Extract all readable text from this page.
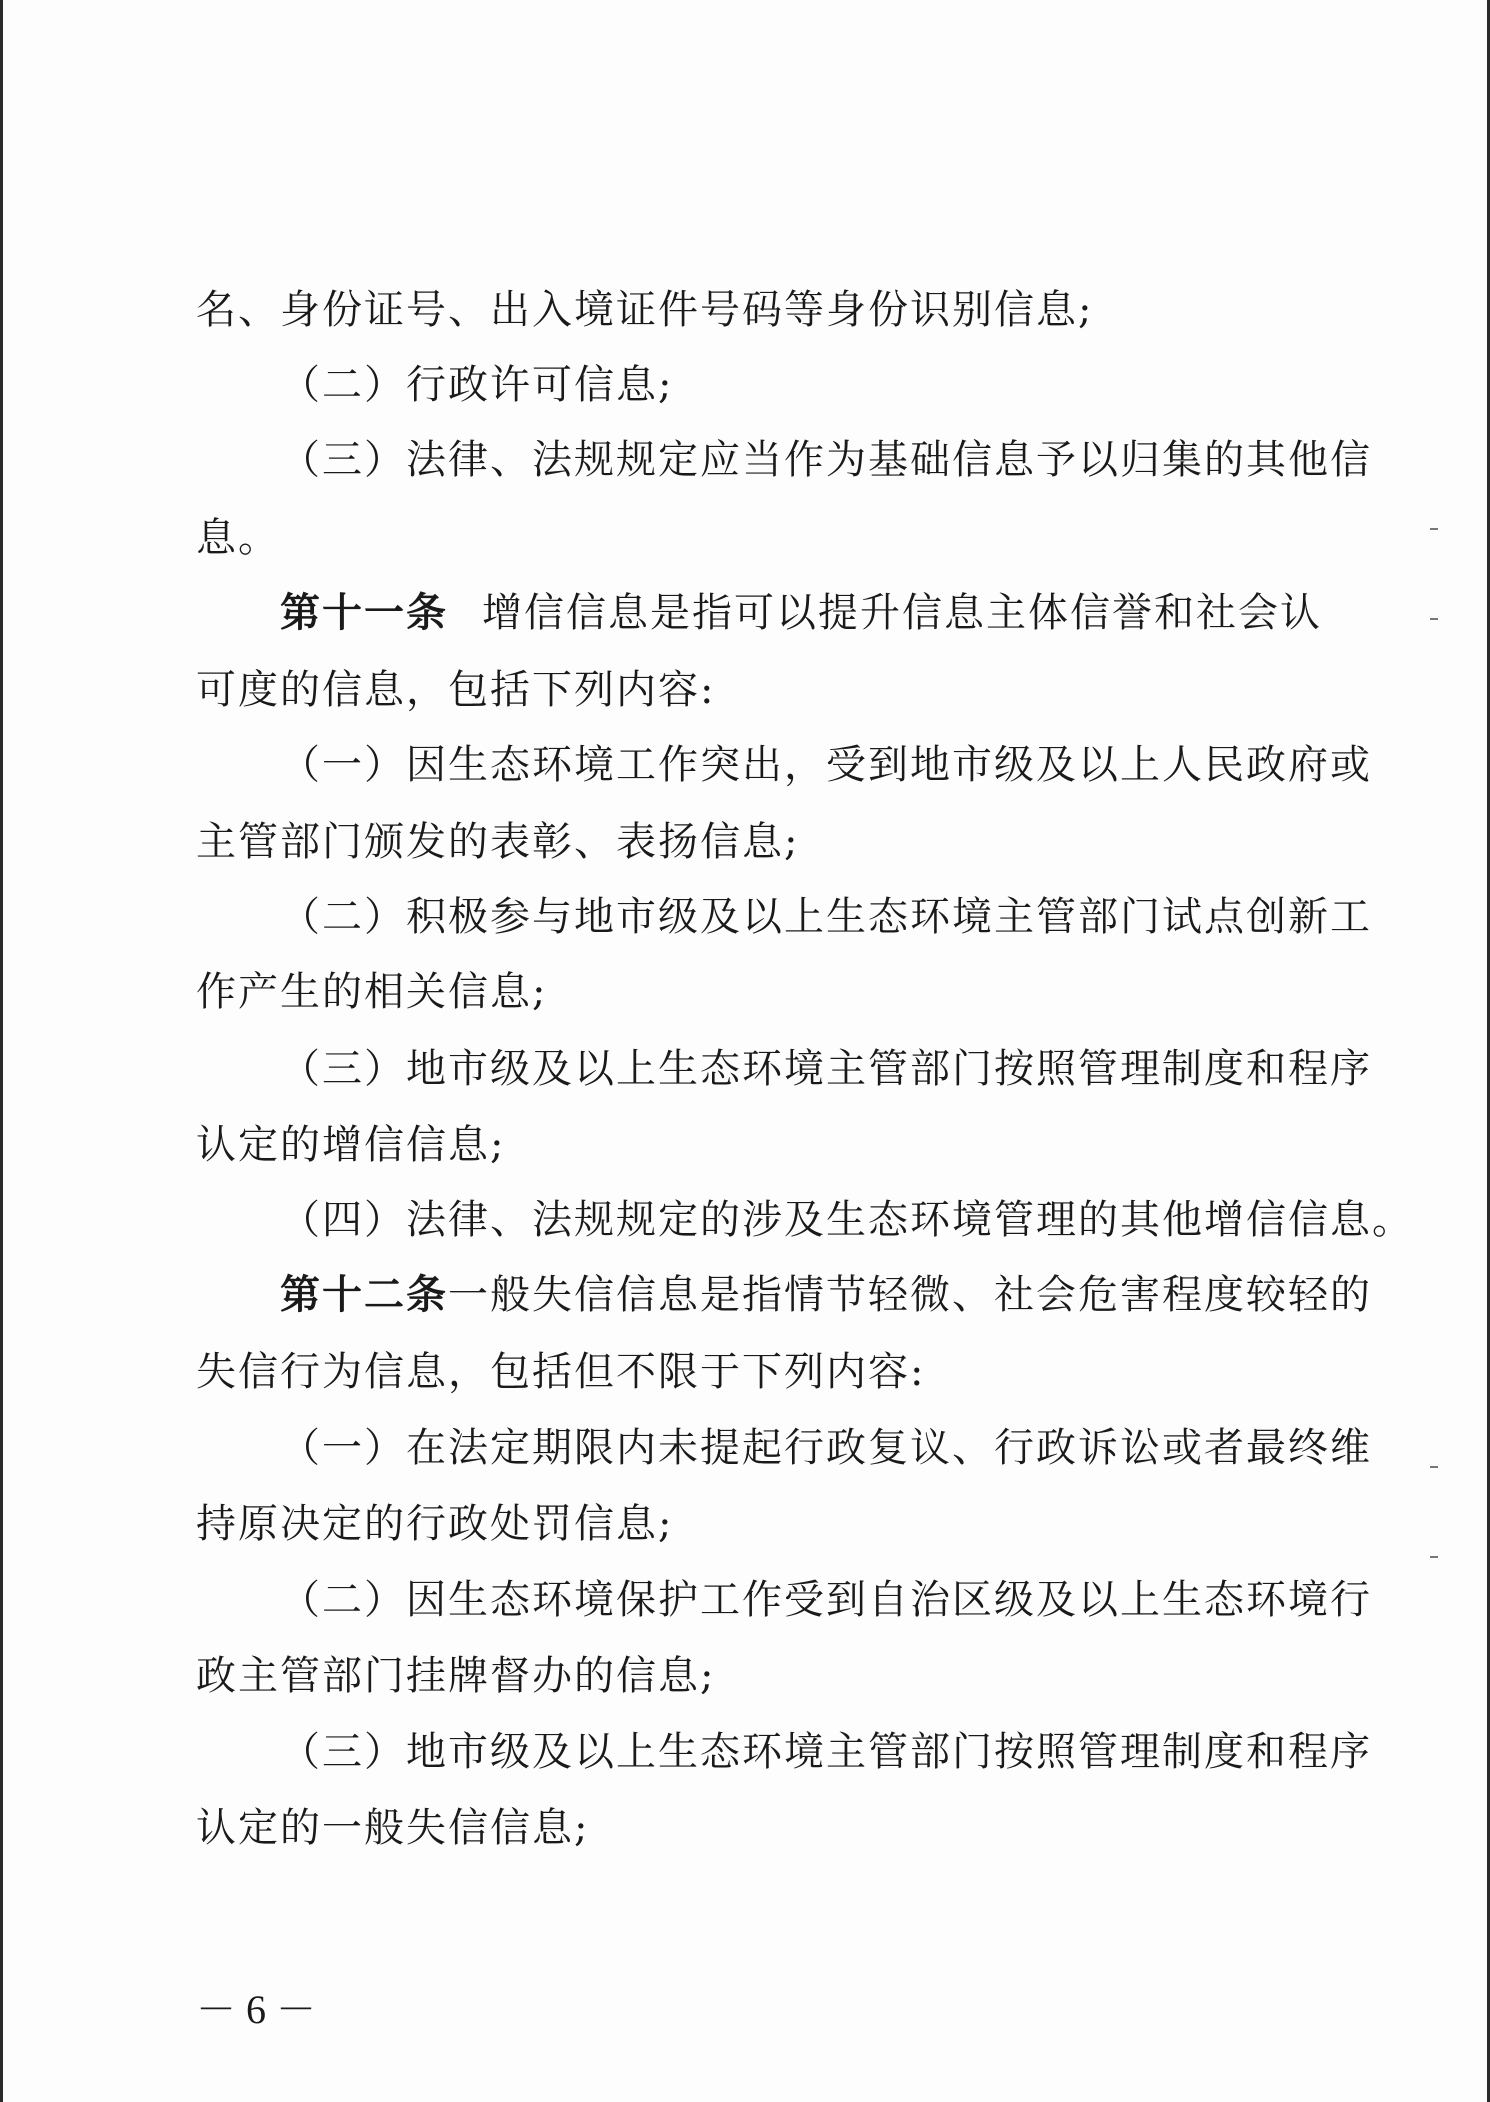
名、身份证号、出入境证件号码等身份识别信息;
（二）行政许可信息;
（三）法律、法规规定应当作为基础信息予以归集的其他信
息。
第十一条 增信信息是指可以提升信息主体信誉和社会认
可度的信息，包括下列内容:
（一）因生态环境工作突出，受到地市级及以上人民政府或
主管部门颁发的表彰、表扬信息;
（二）积极参与地市级及以上生态环境主管部门试点创新工
作产生的相关信息;
（三）地市级及以上生态环境主管部门按照管理制度和程序
认定的增信信息;
（四）法律、法规规定的涉及生态环境管理的其他增信信息。
第十二条一般失信信息是指情节轻微、社会危害程度较轻的
失信行为信息，包括但不限于下列内容:
（一）在法定期限内未提起行政复议、行政诉讼或者最终维
持原决定的行政处罚信息;
（二）因生态环境保护工作受到自治区级及以上生态环境行
政主管部门挂牌督办的信息;
（三）地市级及以上生态环境主管部门按照管理制度和程序
认定的一般失信信息;
－6－
